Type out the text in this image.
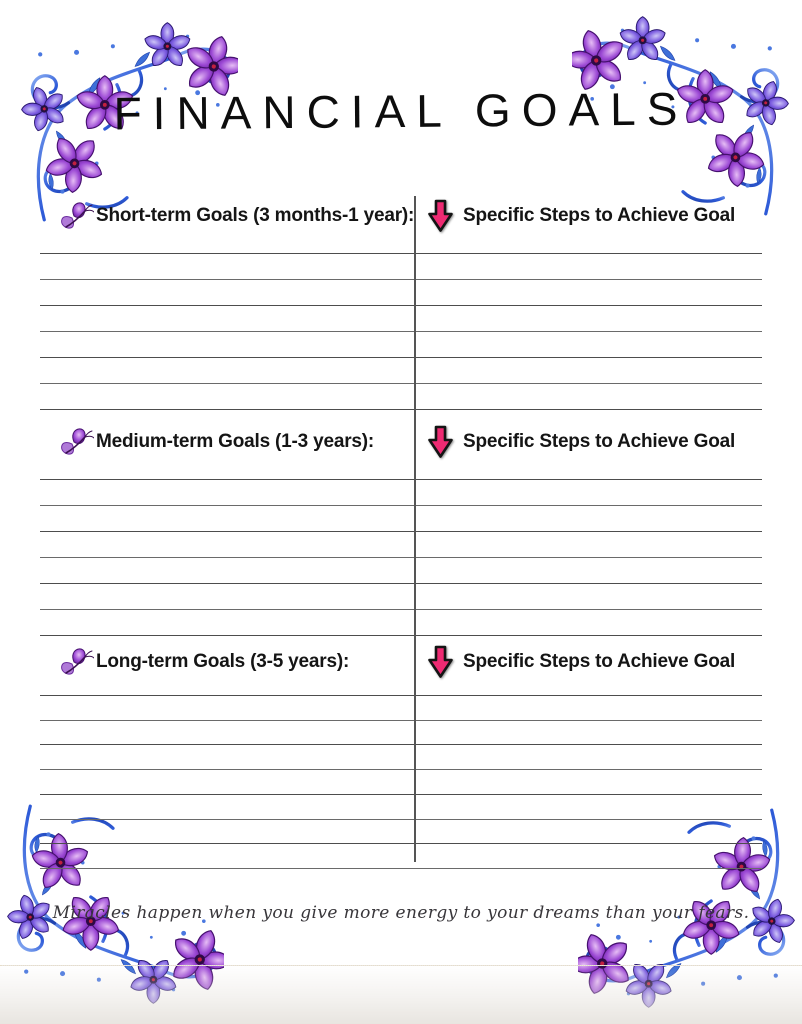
FINANCIAL GOALS
Short-term Goals (3 months-1 year):	Specific Steps to Achieve Goal
Medium-term Goals (1-3 years):	Specific Steps to Achieve Goal
Long-term Goals (3-5 years):	Specific Steps to Achieve Goal
Miracles happen when you give more energy to your dreams than your fears.
